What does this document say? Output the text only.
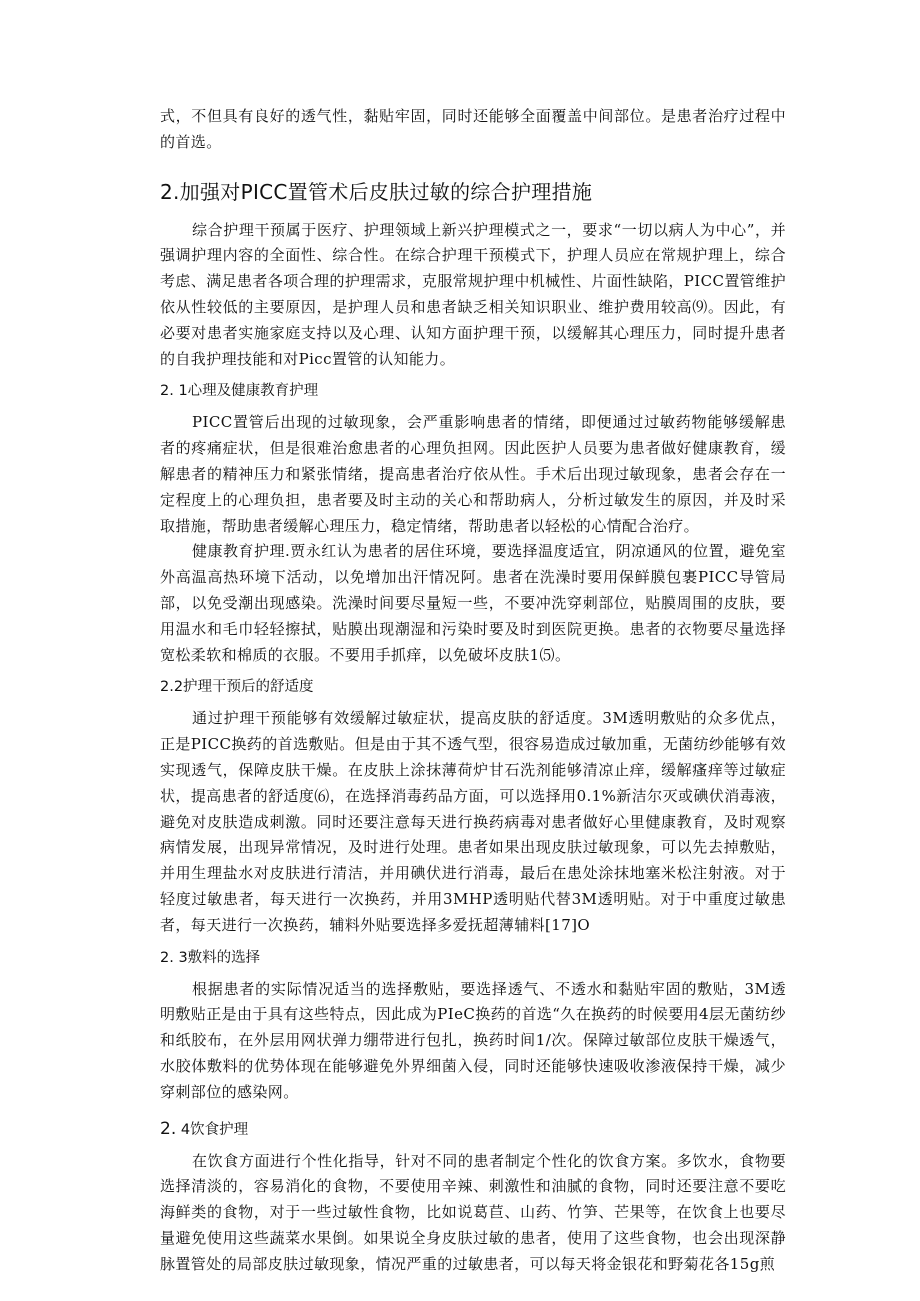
式，不但具有良好的透气性，黏贴牢固，同时还能够全面覆盖中间部位。是患者治疗过程中的首选。

2.加强对PICC置管术后皮肤过敏的综合护理措施

综合护理干预属于医疗、护理领域上新兴护理模式之一，要求“一切以病人为中心”，并强调护理内容的全面性、综合性。在综合护理干预模式下，护理人员应在常规护理上，综合考虑、满足患者各项合理的护理需求，克服常规护理中机械性、片面性缺陷，PICC置管维护依从性较低的主要原因，是护理人员和患者缺乏相关知识职业、维护费用较高⑼。因此，有必要对患者实施家庭支持以及心理、认知方面护理干预，以缓解其心理压力，同时提升患者的自我护理技能和对Picc置管的认知能力。

2. 1心理及健康教育护理

PICC置管后出现的过敏现象，会严重影响患者的情绪，即便通过过敏药物能够缓解患者的疼痛症状，但是很难治愈患者的心理负担网。因此医护人员要为患者做好健康教育，缓解患者的精神压力和紧张情绪，提高患者治疗依从性。手术后出现过敏现象，患者会存在一定程度上的心理负担，患者要及时主动的关心和帮助病人，分析过敏发生的原因，并及时采取措施，帮助患者缓解心理压力，稳定情绪，帮助患者以轻松的心情配合治疗。

健康教育护理.贾永红认为患者的居住环境，要选择温度适宜，阴凉通风的位置，避免室外高温高热环境下活动，以免增加出汗情况阿。患者在洗澡时要用保鲜膜包裹PICC导管局部，以免受潮出现感染。洗澡时间要尽量短一些，不要冲洗穿刺部位，贴膜周围的皮肤，要用温水和毛巾轻轻擦拭，贴膜出现潮湿和污染时要及时到医院更换。患者的衣物要尽量选择宽松柔软和棉质的衣服。不要用手抓痒，以免破坏皮肤1⑸。

2.2护理干预后的舒适度

通过护理干预能够有效缓解过敏症状，提高皮肤的舒适度。3M透明敷贴的众多优点，正是PICC换药的首选敷贴。但是由于其不透气型，很容易造成过敏加重，无菌纺纱能够有效实现透气，保障皮肤干燥。在皮肤上涂抹薄荷炉甘石洗剂能够清凉止痒，缓解瘙痒等过敏症状，提高患者的舒适度⑹，在选择消毒药品方面，可以选择用0.1%新洁尔灭或碘伏消毒液，避免对皮肤造成刺激。同时还要注意每天进行换药病毒对患者做好心里健康教育，及时观察病情发展，出现异常情况，及时进行处理。患者如果出现皮肤过敏现象，可以先去掉敷贴，并用生理盐水对皮肤进行清洁，并用碘伏进行消毒，最后在患处涂抹地塞米松注射液。对于轻度过敏患者，每天进行一次换药，并用3MHP透明贴代替3M透明贴。对于中重度过敏患者，每天进行一次换药，辅料外贴要选择多爱抚超薄辅料[17]O

2. 3敷料的选择

根据患者的实际情况适当的选择敷贴，要选择透气、不透水和黏贴牢固的敷贴，3M透明敷贴正是由于具有这些特点，因此成为PIeC换药的首选“久在换药的时候要用4层无菌纺纱和纸胶布，在外层用网状弹力绷带进行包扎，换药时间1/次。保障过敏部位皮肤干燥透气，水胶体敷料的优势体现在能够避免外界细菌入侵，同时还能够快速吸收渗液保持干燥，减少穿刺部位的感染网。

2. 4饮食护理

在饮食方面进行个性化指导，针对不同的患者制定个性化的饮食方案。多饮水，食物要选择清淡的，容易消化的食物，不要使用辛辣、刺激性和油腻的食物，同时还要注意不要吃海鲜类的食物，对于一些过敏性食物，比如说葛苣、山药、竹笋、芒果等，在饮食上也要尽量避免使用这些蔬菜水果倒。如果说全身皮肤过敏的患者，使用了这些食物，也会出现深静脉置管处的局部皮肤过敏现象，情况严重的过敏患者，可以每天将金银花和野菊花各15g煎
